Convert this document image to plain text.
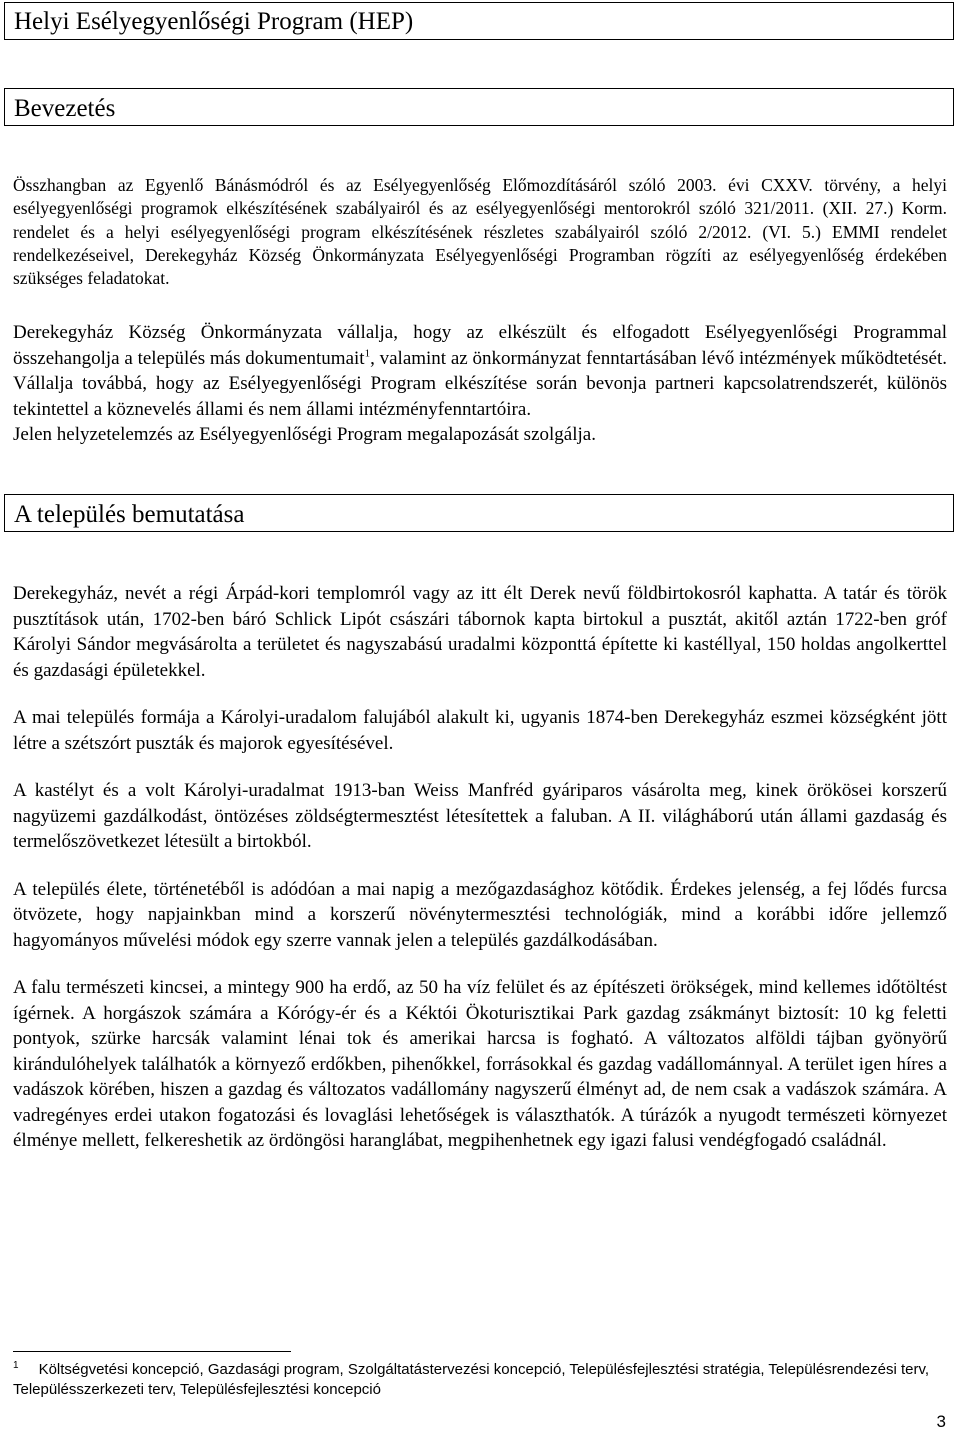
Helyi Esélyegyenlőségi Program (HEP)
Bevezetés

Összhangban az Egyenlő Bánásmódról és az Esélyegyenlőség Előmozdításáról szóló 2003. évi CXXV. törvény, a helyi esélyegyenlőségi programok elkészítésének szabályairól és az esélyegyenlőségi mentorokról szóló 321/2011. (XII. 27.) Korm. rendelet és a helyi esélyegyenlőségi program elkészítésének részletes szabályairól szóló 2/2012. (VI. 5.) EMMI rendelet rendelkezéseivel, Derekegyház Község Önkormányzata Esélyegyenlőségi Programban rögzíti az esélyegyenlőség érdekében szükséges feladatokat.

Derekegyház Község Önkormányzata vállalja, hogy az elkészült és elfogadott Esélyegyenlőségi Programmal összehangolja a település más dokumentumait$^1$, valamint az önkormányzat fenntartásában lévő intézmények működtetését. Vállalja továbbá, hogy az Esélyegyenlőségi Program elkészítése során bevonja partneri kapcsolatrendszerét, különös tekintettel a köznevelés állami és nem állami intézményfenntartóira.

Jelen helyzetelemzés az Esélyegyenlőségi Program megalapozását szolgálja.

A település bemutatása

Derekegyház, nevét a régi Árpád-kori templomról vagy az itt élt Derek nevű földbirtokosról kaphatta. A tatár és török pusztítások után, 1702-ben báró Schlick Lipót császári tábornok kapta birtokul a pusztát, akitől aztán 1722-ben gróf Károlyi Sándor megvásárolta a területet és nagyszabású uradalmi központtá építette ki kastéllyal, 150 holdas angolkerttel és gazdasági épületekkel.

A mai település formája a Károlyi-uradalom falujából alakult ki, ugyanis 1874-ben Derekegyház eszmei községként jött létre a szétszórt puszták és majorok egyesítésével.

A kastélyt és a volt Károlyi-uradalmat 1913-ban Weiss Manfréd gyáriparos vásárolta meg, kinek örökösei korszerű nagyüzemi gazdálkodást, öntözéses zöldségtermesztést létesítettek a faluban. A II. világháború után állami gazdaság és termelőszövetkezet létesült a birtokból.

A település élete, történetéből is adódóan a mai napig a mezőgazdasághoz kötődik. Érdekes jelenség, a fej lődés furcsa ötvözete, hogy napjainkban mind a korszerű növénytermesztési technológiák, mind a korábbi időre jellemző hagyományos művelési módok egy szerre vannak jelen a település gazdálkodásában.

A falu természeti kincsei, a mintegy 900 ha erdő, az 50 ha víz felület és az építészeti örökségek, mind kellemes időtöltést ígérnek. A horgászok számára a Kórógy-ér és a Kéktói Ökoturisztikai Park gazdag zsákmányt biztosít: 10 kg feletti pontyok, szürke harcsák valamint lénai tok és amerikai harcsa is fogható. A változatos alföldi tájban gyönyörű kirándulóhelyek találhatók a környező erdőkben, pihenőkkel, forrásokkal és gazdag vadállománnyal. A terület igen híres a vadászok körében, hiszen a gazdag és változatos vadállomány nagyszerű élményt ad, de nem csak a vadászok számára. A vadregényes erdei utakon fogatozási és lovaglási lehetőségek is választhatók. A túrázók a nyugodt természeti környezet élménye mellett, felkereshetik az ördöngösi haranglábat, megpihenhetnek egy igazi falusi vendégfogadó családnál.

$^1$ Költségvetési koncepció, Gazdasági program, Szolgáltatástervezési koncepció, Településfejlesztési stratégia, Településrendezési terv, Településszerkezeti terv, Településfejlesztési koncepció
3
